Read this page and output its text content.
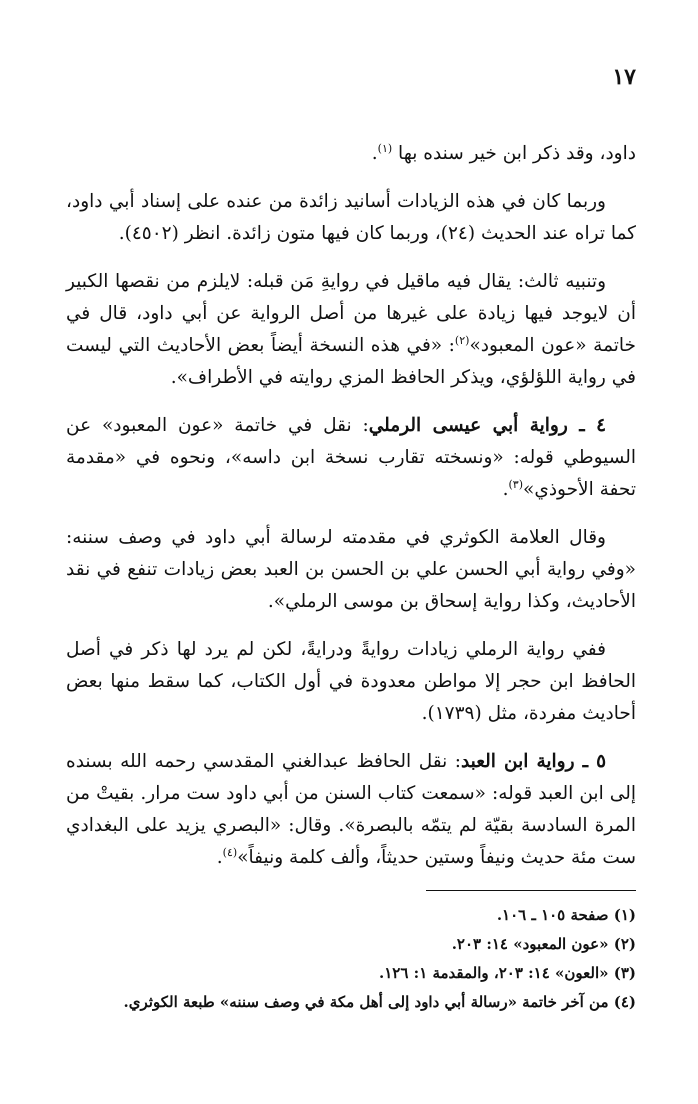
١٧

داود، وقد ذكر ابن خير سنده بها $^{(١)}$.

وربما كان في هذه الزيادات أسانيد زائدة من عنده على إسناد أبي داود، كما تراه عند الحديث (٢٤)، وربما كان فيها متون زائدة. انظر (٤٥٠٢).

وتنبيه ثالث: يقال فيه ماقيل في روايةِ مَن قبله: لايلزم من نقصها الكبير أن لايوجد فيها زيادة على غيرها من أصل الرواية عن أبي داود، قال في خاتمة «عون المعبود»$^{(٢)}$: «في هذه النسخة أيضاً بعض الأحاديث التي ليست في رواية اللؤلؤي، ويذكر الحافظ المزي روايته في الأطراف».

٤ ـ رواية أبي عيسى الرملي: نقل في خاتمة «عون المعبود» عن السيوطي قوله: «ونسخته تقارب نسخة ابن داسه»، ونحوه في «مقدمة تحفة الأحوذي»$^{(٣)}$.

وقال العلامة الكوثري في مقدمته لرسالة أبي داود في وصف سننه: «وفي رواية أبي الحسن علي بن الحسن بن العبد بعض زيادات تنفع في نقد الأحاديث، وكذا رواية إسحاق بن موسى الرملي».

ففي رواية الرملي زيادات روايةً ودرايةً، لكن لم يرد لها ذكر في أصل الحافظ ابن حجر إلا مواطن معدودة في أول الكتاب، كما سقط منها بعض أحاديث مفردة، مثل (١٧٣٩).

٥ ـ رواية ابن العبد: نقل الحافظ عبدالغني المقدسي رحمه الله بسنده إلى ابن العبد قوله: «سمعت كتاب السنن من أبي داود ست مرار. بقيتْ من المرة السادسة بقيّة لم يتمّه بالبصرة». وقال: «البصري يزيد على البغدادي ست مئة حديث ونيفاً وستين حديثاً، وألف كلمة ونيفاً»$^{(٤)}$.

(١) صفحة ١٠٥ ـ ١٠٦.

(٢) «عون المعبود» ١٤: ٢٠٣.

(٣) «العون» ١٤: ٢٠٣، والمقدمة ١: ١٢٦.

(٤) من آخر خاتمة «رسالة أبي داود إلى أهل مكة في وصف سننه» طبعة الكوثري.
